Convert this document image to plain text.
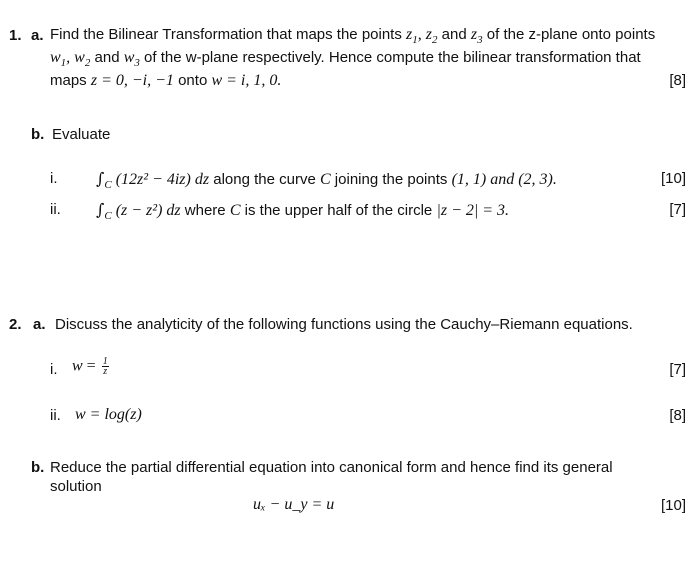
1. a. Find the Bilinear Transformation that maps the points $z_1$, $z_2$ and $z_3$ of the z-plane onto points
$w_1$, $w_2$ and $w_3$ of the w-plane respectively. Hence compute the bilinear transformation that
maps z = 0, −i, −1 onto w = i, 1, 0.	[8]
b. Evaluate
i. $\int_C$ (12z² − 4iz) dz along the curve C joining the points (1, 1) and (2, 3).	[10]
ii. $\int_C$ (z − z²) dz where C is the upper half of the circle |z − 2| = 3.	[7]
2. a. Discuss the analyticity of the following functions using the Cauchy–Riemann equations.
i. $w = \frac{1}{z}$	[7]
ii. w = log(z)	[8]
b. Reduce the partial differential equation into canonical form and hence find its general
solution
uₓ − u_y = u	[10]
